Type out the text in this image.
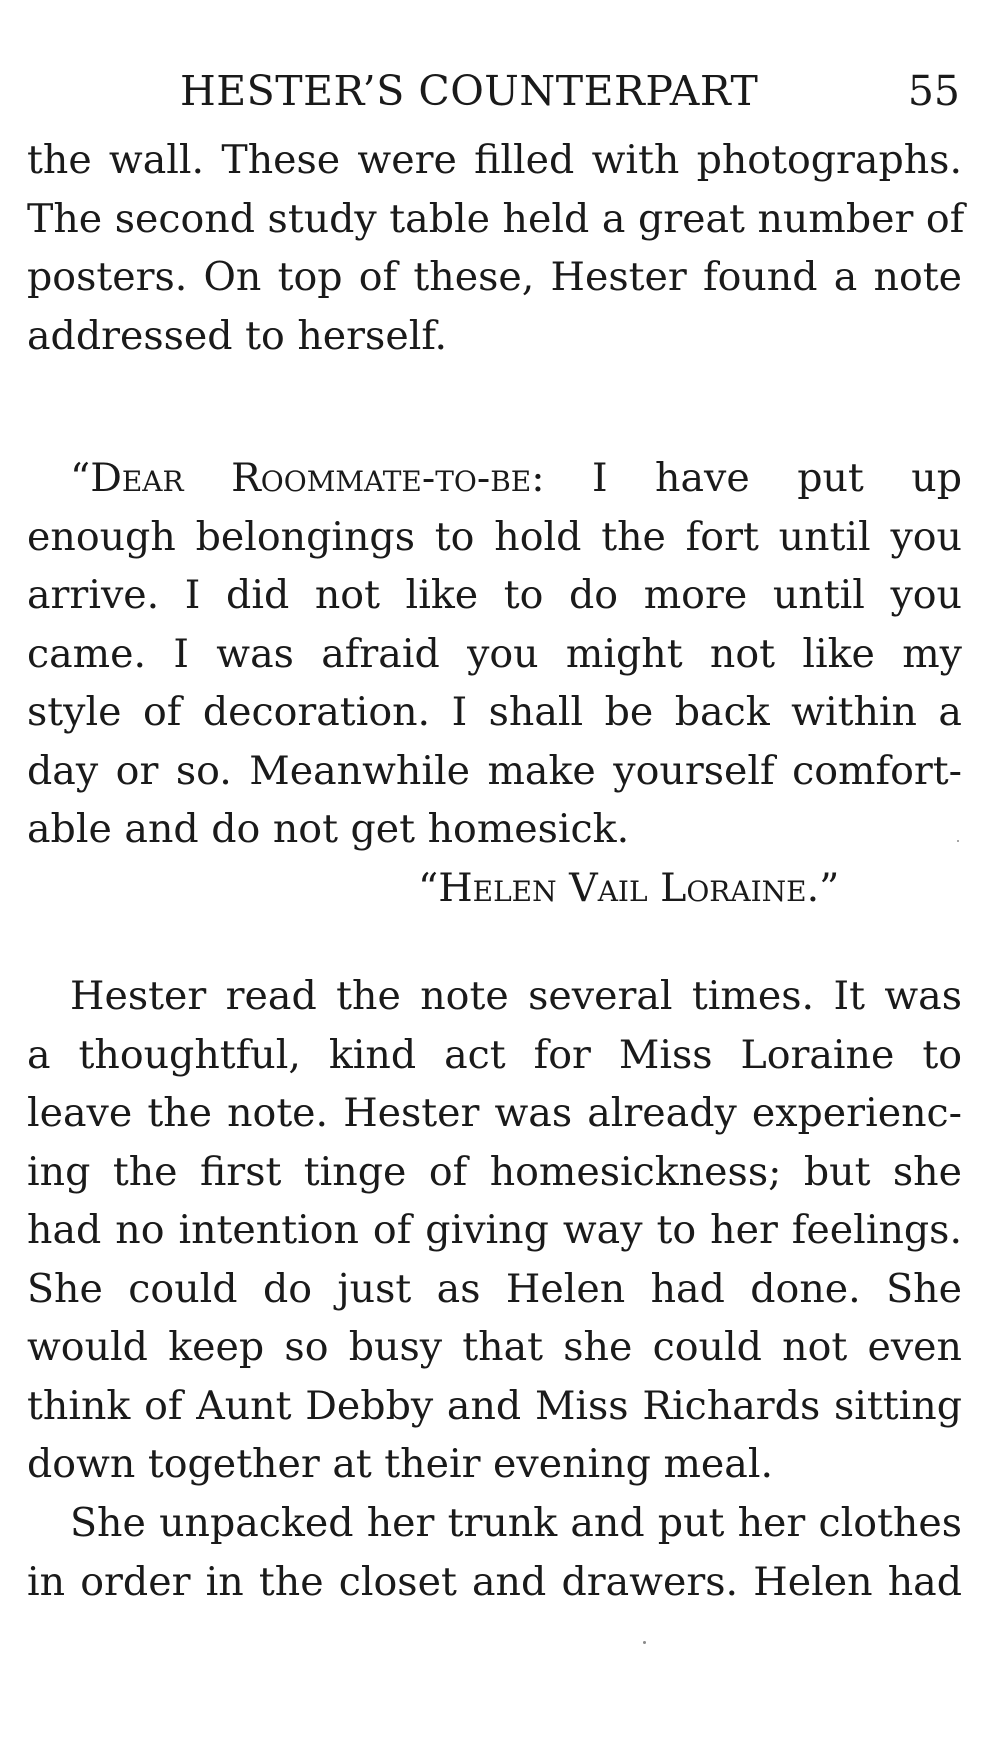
HESTER’S COUNTERPART	55
the wall. These were filled with photographs.
The second study table held a great number of
posters. On top of these, Hester found a note
addressed to herself.
“Dear Roommate-to-be: I have put up
enough belongings to hold the fort until you
arrive. I did not like to do more until you
came. I was afraid you might not like my
style of decoration. I shall be back within a
day or so. Meanwhile make yourself comfort-
able and do not get homesick.
“Helen Vail Loraine.”
Hester read the note several times. It was
a thoughtful, kind act for Miss Loraine to
leave the note. Hester was already experienc-
ing the first tinge of homesickness; but she
had no intention of giving way to her feelings.
She could do just as Helen had done. She
would keep so busy that she could not even
think of Aunt Debby and Miss Richards sitting
down together at their evening meal.
She unpacked her trunk and put her clothes
in order in the closet and drawers. Helen had
